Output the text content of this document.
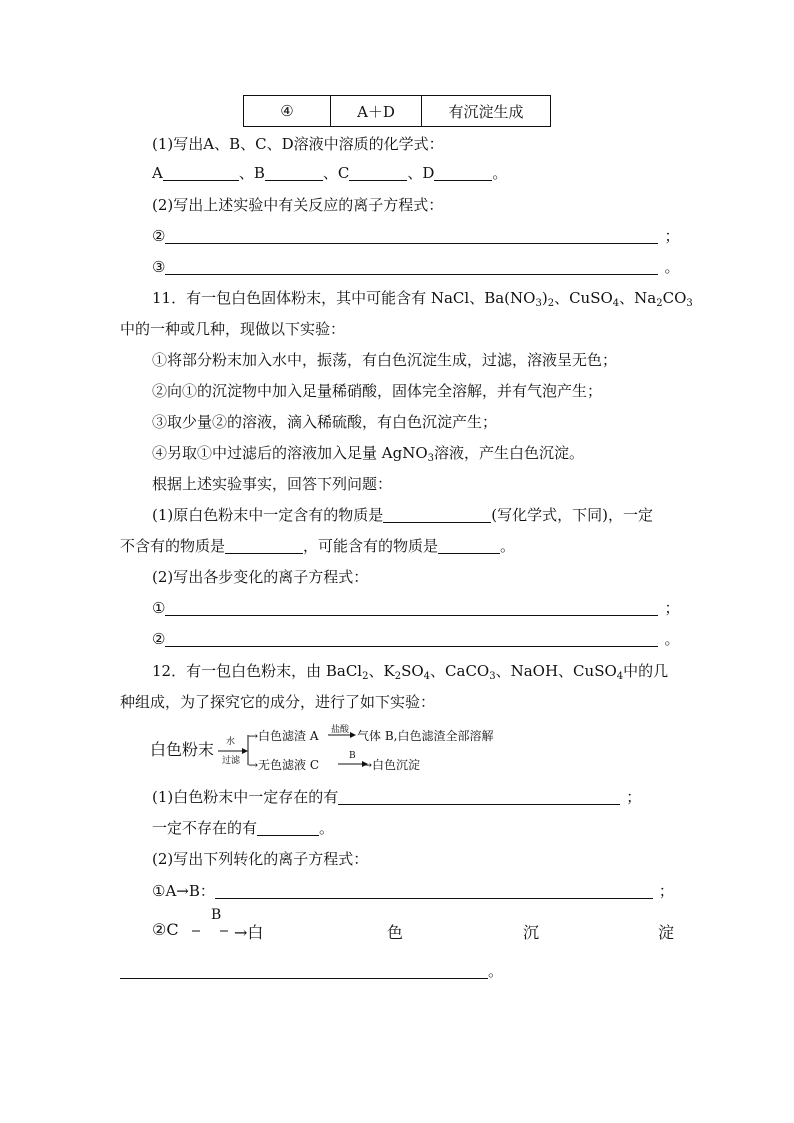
④	A＋D	有沉淀生成
(1)写出A、B、C、D溶液中溶质的化学式：
A	、B	、C	、D	。
(2)写出上述实验中有关反应的离子方程式：
②	；
③	。
11．有一包白色固体粉末，其中可能含有 NaCl、$Ba(NO_3)_2$、CuSO$_4$、$Na_2CO_3$
中的一种或几种，现做以下实验：
①将部分粉末加入水中，振荡，有白色沉淀生成，过滤，溶液呈无色；
②向①的沉淀物中加入足量稀硝酸，固体完全溶解，并有气泡产生；
③取少量②的溶液，滴入稀硫酸，有白色沉淀产生；
④另取①中过滤后的溶液加入足量 AgNO$_3$溶液，产生白色沉淀。
根据上述实验事实，回答下列问题：
(1)原白色粉末中一定含有的物质是	(写化学式，下同)，一定
不含有的物质是	，可能含有的物质是	。
(2)写出各步变化的离子方程式：
①	；
②	。
12．有一包白色粉末，由 BaCl$_2$、$K_2SO_4$、CaCO$_3$、NaOH、CuSO$_4$中的几
种组成，为了探究它的成分，进行了如下实验：
白色粉末 水
过滤
→白色滤渣 A 盐酸 气体 B,白色滤渣全部溶解
→无色滤液 C
B
→白色沉淀
(1)白色粉末中一定存在的有	；
一定不存在的有	。
(2)写出下列转化的离子方程式：
①A→B：	；
②C
B
→白	色	沉	淀
。
